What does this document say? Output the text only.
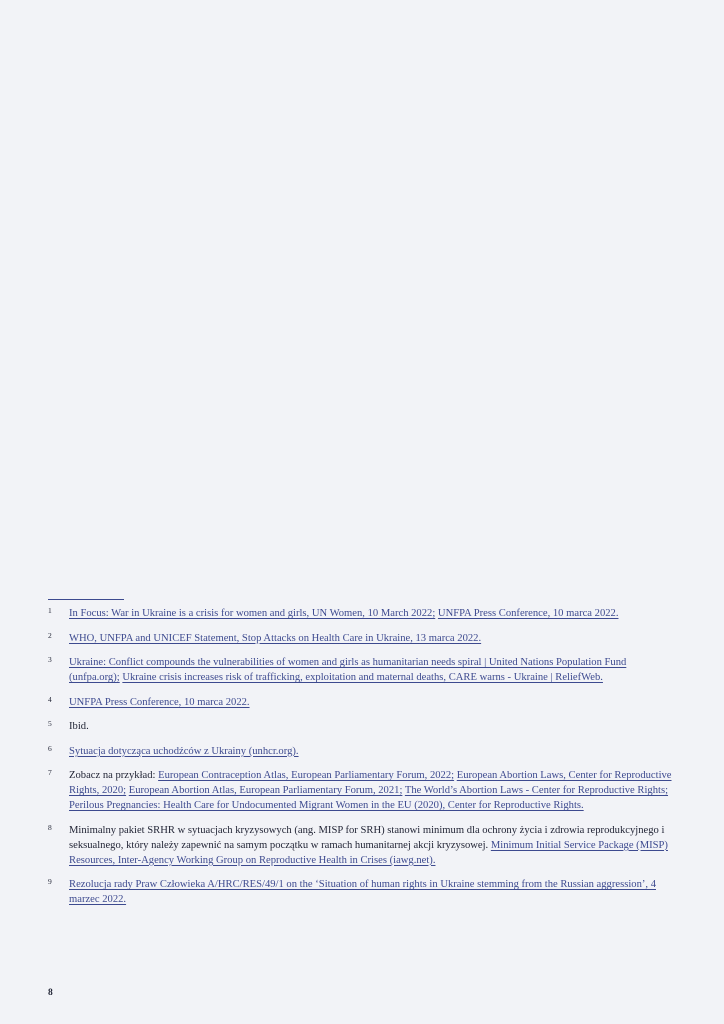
1	In Focus: War in Ukraine is a crisis for women and girls, UN Women, 10 March 2022; UNFPA Press Conference, 10 marca 2022.
2	WHO, UNFPA and UNICEF Statement, Stop Attacks on Health Care in Ukraine, 13 marca 2022.
3	Ukraine: Conflict compounds the vulnerabilities of women and girls as humanitarian needs spiral | United Nations Population Fund (unfpa.org); Ukraine crisis increases risk of trafficking, exploitation and maternal deaths, CARE warns - Ukraine | ReliefWeb.
4	UNFPA Press Conference, 10 marca 2022.
5	Ibid.
6	Sytuacja dotycząca uchodźców z Ukrainy (unhcr.org).
7	Zobacz na przykład: European Contraception Atlas, European Parliamentary Forum, 2022; European Abortion Laws, Center for Reproductive Rights, 2020; European Abortion Atlas, European Parliamentary Forum, 2021; The World’s Abortion Laws - Center for Reproductive Rights; Perilous Pregnancies: Health Care for Undocumented Migrant Women in the EU (2020), Center for Reproductive Rights.
8	Minimalny pakiet SRHR w sytuacjach kryzysowych (ang. MISP for SRH) stanowi minimum dla ochrony życia i zdrowia reprodukcyjnego i seksualnego, który należy zapewnić na samym początku w ramach humanitarnej akcji kryzysowej. Minimum Initial Service Package (MISP) Resources, Inter-Agency Working Group on Reproductive Health in Crises (iawg.net).
9	Rezolucja rady Praw Człowieka A/HRC/RES/49/1 on the ‘Situation of human rights in Ukraine stemming from the Russian aggression’, 4 marzec 2022.
8
